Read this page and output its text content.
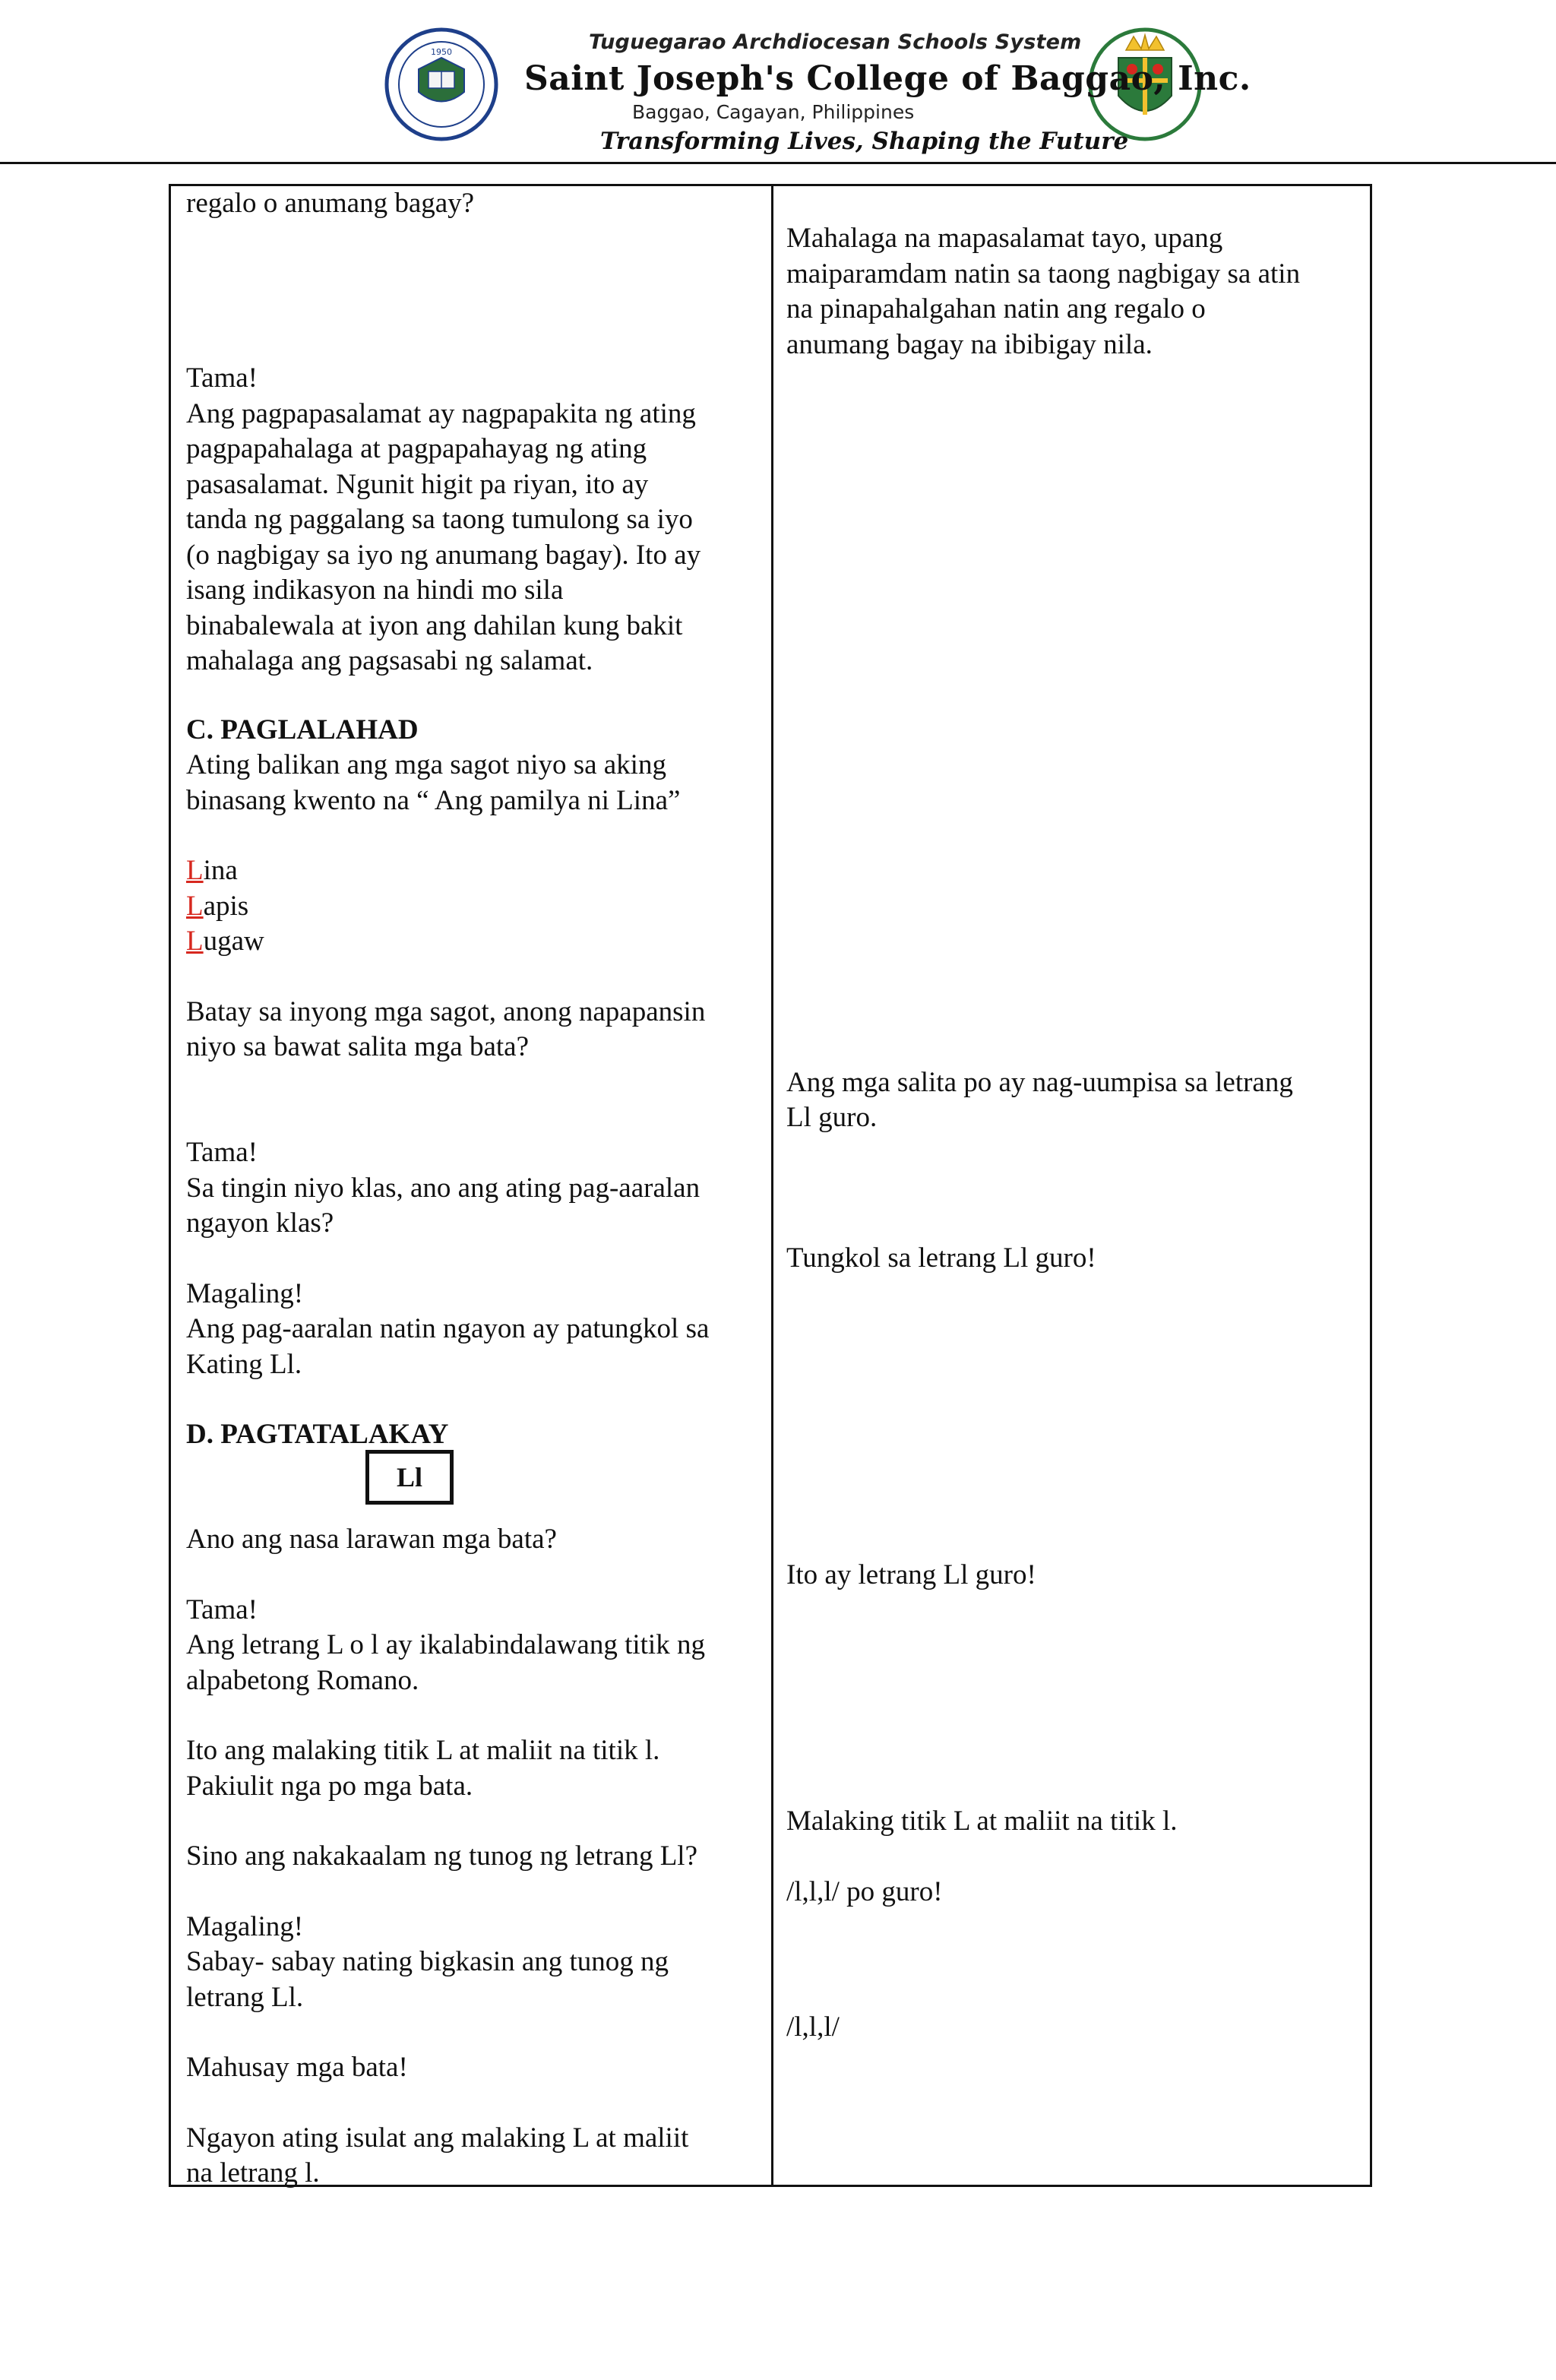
1950	Tuguegarao Archdiocesan Schools System
Saint Joseph's College of Baggao, Inc.
Baggao, Cagayan, Philippines
Transforming Lives, Shaping the Future
regalo o anumang bagay?
Tama!
Ang pagpapasalamat ay nagpapakita ng ating
pagpapahalaga at pagpapahayag ng ating
pasasalamat. Ngunit higit pa riyan, ito ay
tanda ng paggalang sa taong tumulong sa iyo
(o nagbigay sa iyo ng anumang bagay). Ito ay
isang indikasyon na hindi mo sila
binabalewala at iyon ang dahilan kung bakit
mahalaga ang pagsasabi ng salamat.
C. PAGLALAHAD
Ating balikan ang mga sagot niyo sa aking
binasang kwento na “ Ang pamilya ni Lina”
Lina
Lapis
Lugaw
Batay sa inyong mga sagot, anong napapansin
niyo sa bawat salita mga bata?
Tama!
Sa tingin niyo klas, ano ang ating pag-aaralan
ngayon klas?
Magaling!
Ang pag-aaralan natin ngayon ay patungkol sa
Kating Ll.
D. PAGTATALAKAY
Ll
Ano ang nasa larawan mga bata?
Tama!
Ang letrang L o l ay ikalabindalawang titik ng
alpabetong Romano.
Ito ang malaking titik L at maliit na titik l.
Pakiulit nga po mga bata.
Sino ang nakakaalam ng tunog ng letrang Ll?
Magaling!
Sabay- sabay nating bigkasin ang tunog ng
letrang Ll.
Mahusay mga bata!
Ngayon ating isulat ang malaking L at maliit
na letrang l.
Mahalaga na mapasalamat tayo, upang
maiparamdam natin sa taong nagbigay sa atin
na pinapahalgahan natin ang regalo o
anumang bagay na ibibigay nila.
Ang mga salita po ay nag-uumpisa sa letrang
Ll guro.
Tungkol sa letrang Ll guro!
Ito ay letrang Ll guro!
Malaking titik L at maliit na titik l.
/l,l,l/ po guro!
/l,l,l/
